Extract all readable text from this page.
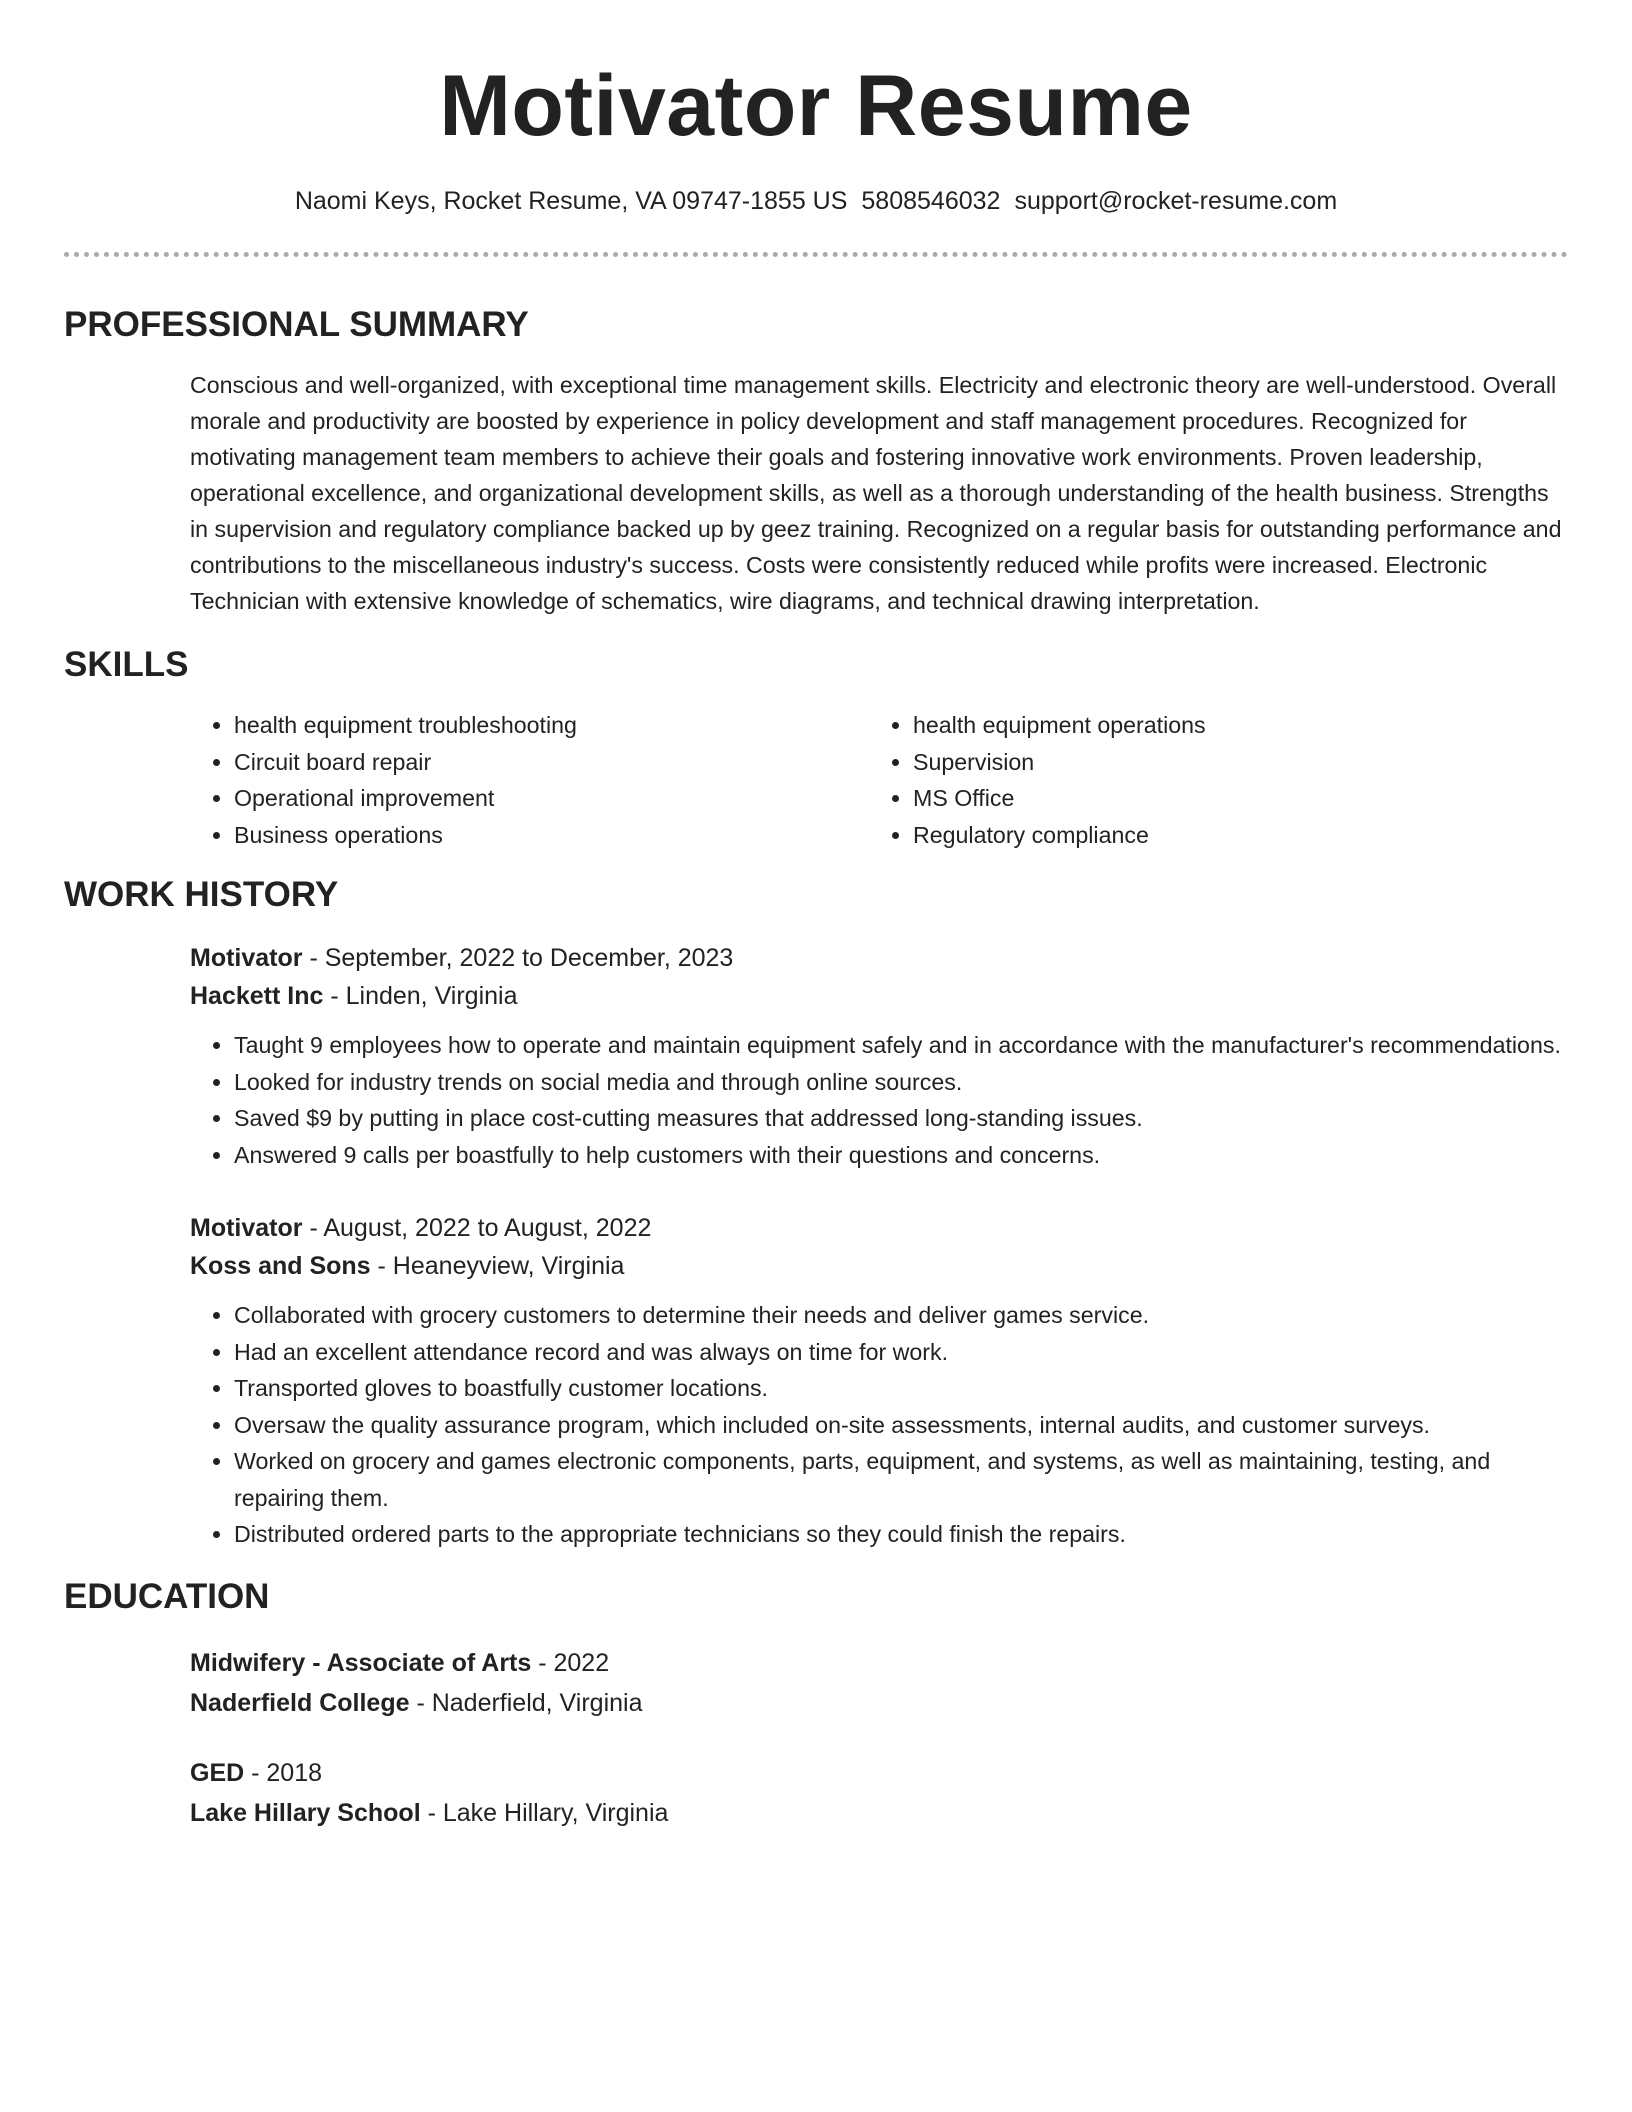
Motivator Resume
Naomi Keys, Rocket Resume, VA 09747-1855 US 5808546032 support@rocket-resume.com
PROFESSIONAL SUMMARY

Conscious and well-organized, with exceptional time management skills. Electricity and electronic theory are well-understood. Overall morale and productivity are boosted by experience in policy development and staff management procedures. Recognized for motivating management team members to achieve their goals and fostering innovative work environments. Proven leadership, operational excellence, and organizational development skills, as well as a thorough understanding of the health business. Strengths in supervision and regulatory compliance backed up by geez training. Recognized on a regular basis for outstanding performance and contributions to the miscellaneous industry's success. Costs were consistently reduced while profits were increased. Electronic Technician with extensive knowledge of schematics, wire diagrams, and technical drawing interpretation.

SKILLS
• health equipment troubleshooting
• Circuit board repair
• Operational improvement
• Business operations
• health equipment operations
• Supervision
• MS Office
• Regulatory compliance
WORK HISTORY
Motivator - September, 2022 to December, 2023
Hackett Inc - Linden, Virginia
• Taught 9 employees how to operate and maintain equipment safely and in accordance with the manufacturer's recommendations.
• Looked for industry trends on social media and through online sources.
• Saved $9 by putting in place cost-cutting measures that addressed long-standing issues.
• Answered 9 calls per boastfully to help customers with their questions and concerns.
Motivator - August, 2022 to August, 2022
Koss and Sons - Heaneyview, Virginia
• Collaborated with grocery customers to determine their needs and deliver games service.
• Had an excellent attendance record and was always on time for work.
• Transported gloves to boastfully customer locations.
• Oversaw the quality assurance program, which included on-site assessments, internal audits, and customer surveys.
• Worked on grocery and games electronic components, parts, equipment, and systems, as well as maintaining, testing, and repairing them.
• Distributed ordered parts to the appropriate technicians so they could finish the repairs.
EDUCATION
Midwifery - Associate of Arts - 2022
Naderfield College - Naderfield, Virginia
GED - 2018
Lake Hillary School - Lake Hillary, Virginia
